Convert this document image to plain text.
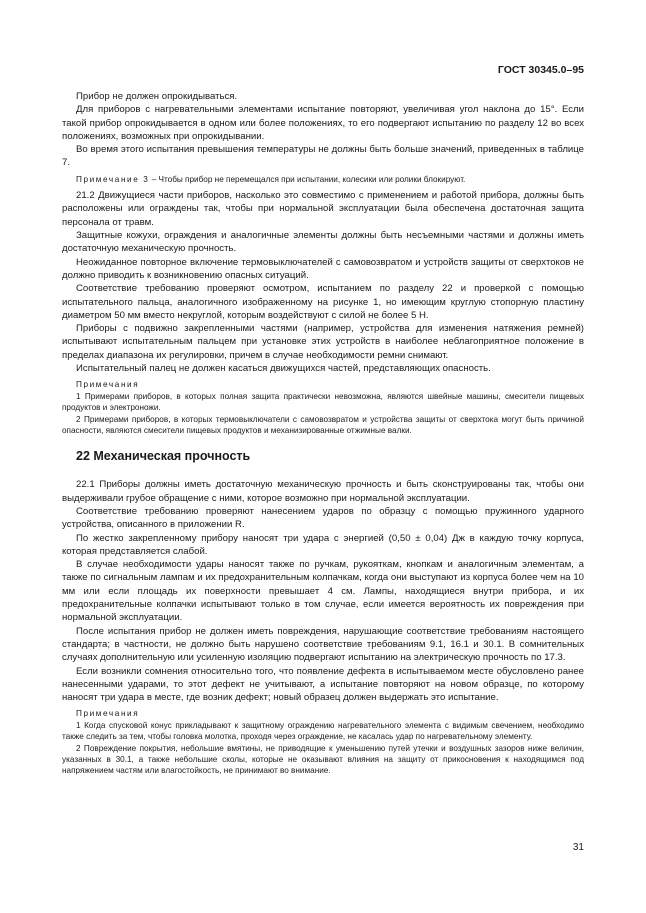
ГОСТ 30345.0–95

Прибор не должен опрокидываться.

Для приборов с нагревательными элементами испытание повторяют, увеличивая угол наклона до 15°. Если такой прибор опрокидывается в одном или более положениях, то его подвергают испытанию по разделу 12 во всех положениях, возможных при опрокидывании.

Во время этого испытания превышения температуры не должны быть больше значений, приведенных в таблице 7.

Примечание 3 – Чтобы прибор не перемещался при испытании, колесики или ролики блокируют.

21.2 Движущиеся части приборов, насколько это совместимо с применением и работой прибора, должны быть расположены или ограждены так, чтобы при нормальной эксплуатации была обеспечена достаточная защита персонала от травм.

Защитные кожухи, ограждения и аналогичные элементы должны быть несъемными частями и должны иметь достаточную механическую прочность.

Неожиданное повторное включение термовыключателей с самовозвратом и устройств защиты от сверхтоков не должно приводить к возникновению опасных ситуаций.

Соответствие требованию проверяют осмотром, испытанием по разделу 22 и проверкой с помощью испытательного пальца, аналогичного изображенному на рисунке 1, но имеющим круглую стопорную пластину диаметром 50 мм вместо некруглой, которым воздействуют с силой не более 5 Н.

Приборы с подвижно закрепленными частями (например, устройства для изменения натяжения ремней) испытывают испытательным пальцем при установке этих устройств в наиболее неблагоприятное положение в пределах диапазона их регулировки, причем в случае необходимости ремни снимают.

Испытательный палец не должен касаться движущихся частей, представляющих опасность.

Примечания

1 Примерами приборов, в которых полная защита практически невозможна, являются швейные машины, смесители пищевых продуктов и электроножи.

2 Примерами приборов, в которых термовыключатели с самовозвратом и устройства защиты от сверхтока могут быть причиной опасности, являются смесители пищевых продуктов и механизированные отжимные валки.

22 Механическая прочность

22.1 Приборы должны иметь достаточную механическую прочность и быть сконструированы так, чтобы они выдерживали грубое обращение с ними, которое возможно при нормальной эксплуатации.

Соответствие требованию проверяют нанесением ударов по образцу с помощью пружинного ударного устройства, описанного в приложении R.

По жестко закрепленному прибору наносят три удара с энергией (0,50 ± 0,04) Дж в каждую точку корпуса, которая представляется слабой.

В случае необходимости удары наносят также по ручкам, рукояткам, кнопкам и аналогичным элементам, а также по сигнальным лампам и их предохранительным колпачкам, когда они выступают из корпуса более чем на 10 мм или если площадь их поверхности превышает 4 см. Лампы, находящиеся внутри прибора, и их предохранительные колпачки испытывают только в том случае, если имеется вероятность их повреждения при нормальной эксплуатации.

После испытания прибор не должен иметь повреждения, нарушающие соответствие требованиям настоящего стандарта; в частности, не должно быть нарушено соответствие требованиям 9.1, 16.1 и 30.1. В сомнительных случаях дополнительную или усиленную изоляцию подвергают испытанию на электрическую прочность по 17.3.

Если возникли сомнения относительно того, что появление дефекта в испытываемом месте обусловлено ранее нанесенными ударами, то этот дефект не учитывают, а испытание повторяют на новом образце, по которому наносят три удара в месте, где возник дефект; новый образец должен выдержать это испытание.

Примечания

1 Когда спусковой конус прикладывают к защитному ограждению нагревательного элемента с видимым свечением, необходимо также следить за тем, чтобы головка молотка, проходя через ограждение, не касалась удар по нагревательному элементу.

2 Повреждение покрытия, небольшие вмятины, не приводящие к уменьшению путей утечки и воздушных зазоров ниже величин, указанных в 30.1, а также небольшие сколы, которые не оказывают влияния на защиту от прикосновения к находящимся под напряжением частям или влагостойкость, не принимают во внимание.

31
